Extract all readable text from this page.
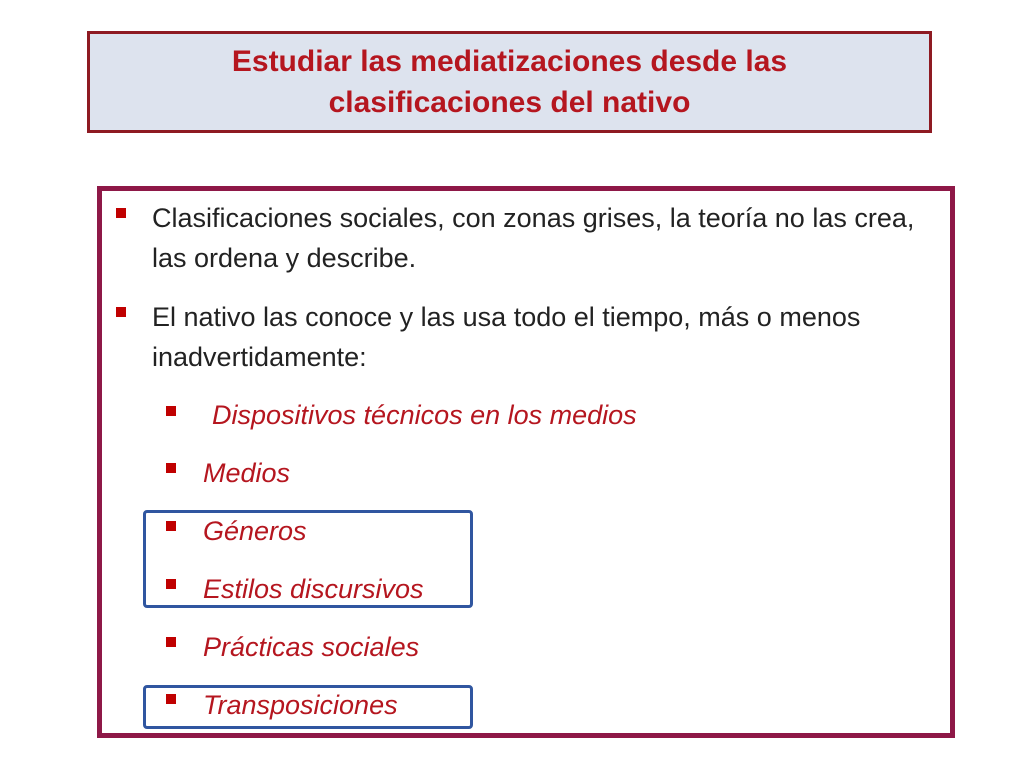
Estudiar las mediatizaciones desde las clasificaciones del nativo
Clasificaciones sociales, con zonas grises, la teoría no las crea, las ordena y describe.
El nativo las conoce y las usa todo el tiempo, más o menos inadvertidamente:
Dispositivos técnicos en los medios
Medios
Géneros
Estilos discursivos
Prácticas sociales
Transposiciones
